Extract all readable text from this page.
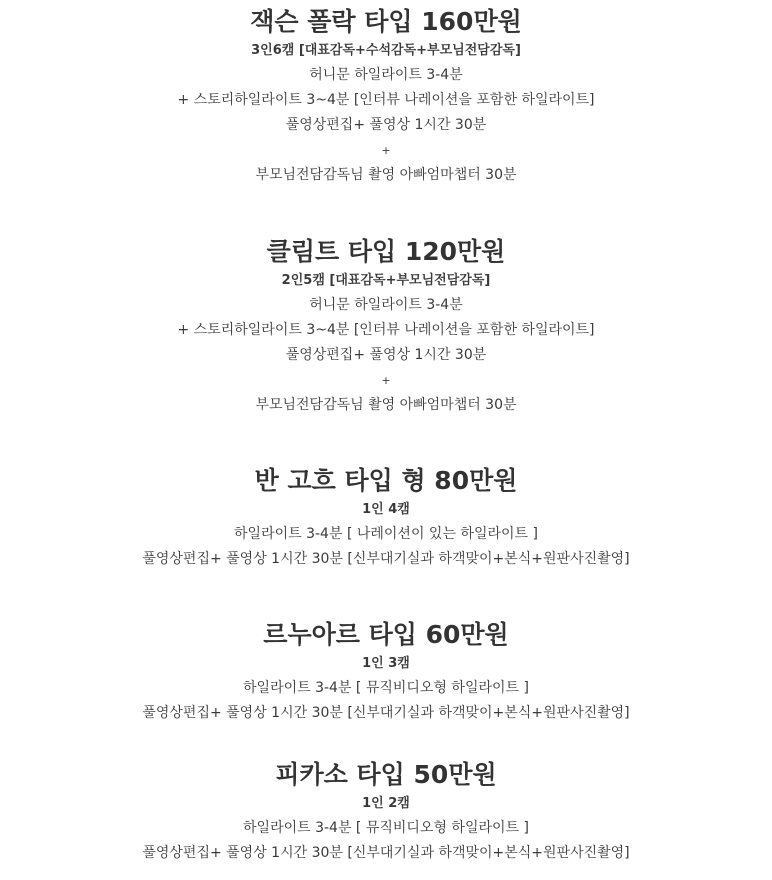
잭슨 폴락 타입 160만원
3인6캠 [대표감독+수석감독+부모님전담감독]
허니문 하일라이트 3-4분
+ 스토리하일라이트 3~4분 [인터뷰 나레이션을 포함한 하일라이트]
풀영상편집+ 풀영상 1시간 30분
+
부모님전담감독님 촬영 아빠엄마챕터 30분
클림트 타입 120만원
2인5캠 [대표감독+부모님전담감독]
허니문 하일라이트 3-4분
+ 스토리하일라이트 3~4분 [인터뷰 나레이션을 포함한 하일라이트]
풀영상편집+ 풀영상 1시간 30분
+
부모님전담감독님 촬영 아빠엄마챕터 30분
반 고흐 타입 형 80만원
1인 4캠
하일라이트 3-4분 [ 나레이션이 있는 하일라이트 ]
풀영상편집+ 풀영상 1시간 30분 [신부대기실과 하객맞이+본식+원판사진촬영]
르누아르 타입 60만원
1인 3캠
하일라이트 3-4분 [ 뮤직비디오형 하일라이트 ]
풀영상편집+ 풀영상 1시간 30분 [신부대기실과 하객맞이+본식+원판사진촬영]
피카소 타입 50만원
1인 2캠
하일라이트 3-4분 [ 뮤직비디오형 하일라이트 ]
풀영상편집+ 풀영상 1시간 30분 [신부대기실과 하객맞이+본식+원판사진촬영]
